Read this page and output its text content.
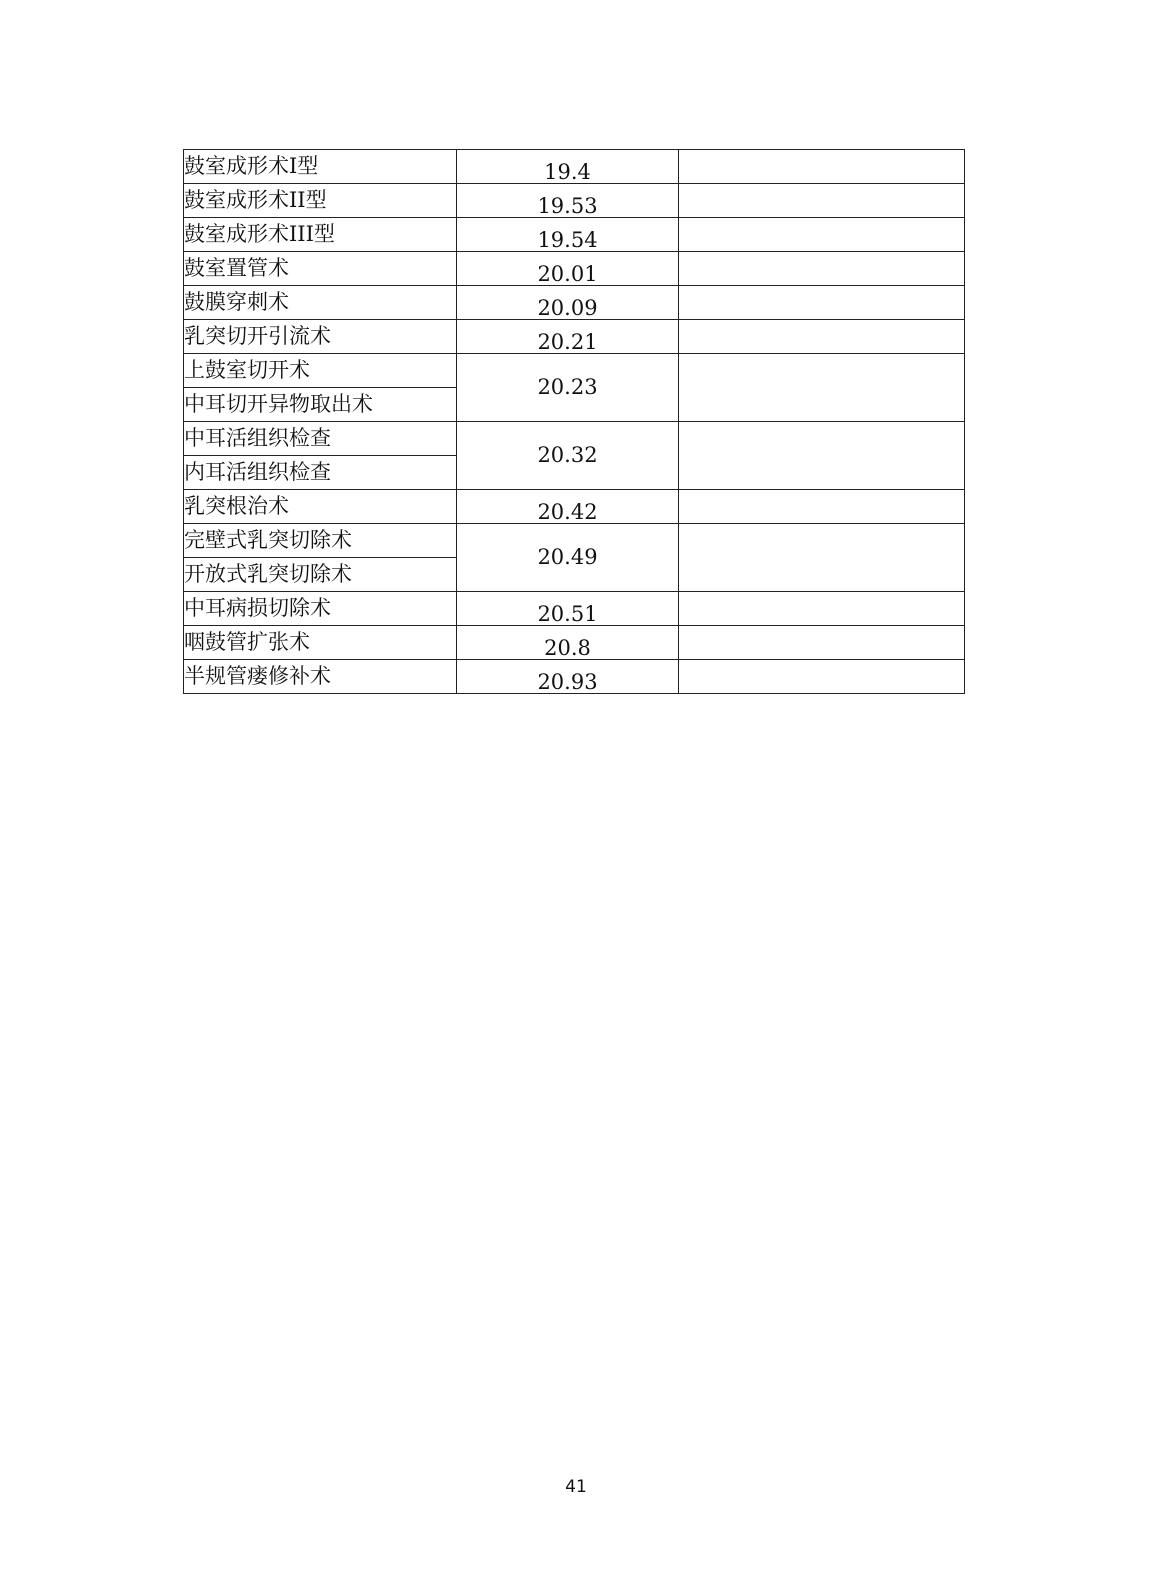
鼓室成形术I型	19.4	
鼓室成形术II型	19.53	
鼓室成形术III型	19.54	
鼓室置管术	20.01	
鼓膜穿刺术	20.09	
乳突切开引流术	20.21	
上鼓室切开术	20.23	
中耳切开异物取出术		
中耳活组织检查	20.32	
内耳活组织检查		
乳突根治术	20.42	
完壁式乳突切除术	20.49	
开放式乳突切除术		
中耳病损切除术	20.51	
咽鼓管扩张术	20.8	
半规管瘘修补术	20.93	
41
